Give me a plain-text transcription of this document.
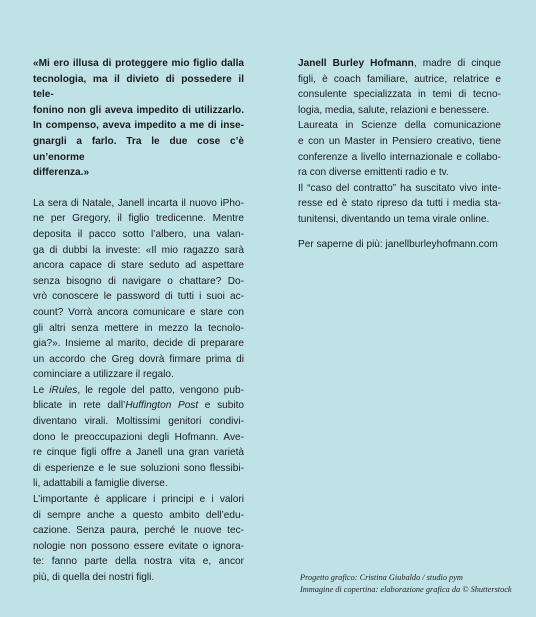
«Mi ero illusa di proteggere mio figlio dalla
tecnologia, ma il divieto di possedere il tele-
fonino non gli aveva impedito di utilizzarlo.
In compenso, aveva impedito a me di inse-
gnargli a farlo. Tra le due cose c’è un’enorme
differenza.»
La sera di Natale, Janell incarta il nuovo iPho-
ne per Gregory, il figlio tredicenne. Mentre
deposita il pacco sotto l’albero, una valan-
ga di dubbi la investe: «Il mio ragazzo sarà
ancora capace di stare seduto ad aspettare
senza bisogno di navigare o chattare? Do-
vrò conoscere le password di tutti i suoi ac-
count? Vorrà ancora comunicare e stare con
gli altri senza mettere in mezzo la tecnolo-
gia?». Insieme al marito, decide di preparare
un accordo che Greg dovrà firmare prima di
cominciare a utilizzare il regalo.
Le iRules, le regole del patto, vengono pub-
blicate in rete dall’Huffington Post e subito
diventano virali. Moltissimi genitori condivi-
dono le preoccupazioni degli Hofmann. Ave-
re cinque figli offre a Janell una gran varietà
di esperienze e le sue soluzioni sono flessibi-
li, adattabili a famiglie diverse.
L’importante è applicare i principi e i valori
di sempre anche a questo ambito dell’edu-
cazione. Senza paura, perché le nuove tec-
nologie non possono essere evitate o ignora-
te: fanno parte della nostra vita e, ancor
più, di quella dei nostri figli.
Janell Burley Hofmann, madre di cinque
figli, è coach familiare, autrice, relatrice e
consulente specializzata in temi di tecno-
logia, media, salute, relazioni e benessere.
Laureata in Scienze della comunicazione
e con un Master in Pensiero creativo, tiene
conferenze a livello internazionale e collabo-
ra con diverse emittenti radio e tv.
Il “caso del contratto” ha suscitato vivo inte-
resse ed è stato ripreso da tutti i media sta-
tunitensi, diventando un tema virale online.
Per saperne di più: janellburleyhofmann.com
Progetto grafico: Cristina Giubaldo / studio pym
Immagine di copertina: elaborazione grafica da © Shutterstock
